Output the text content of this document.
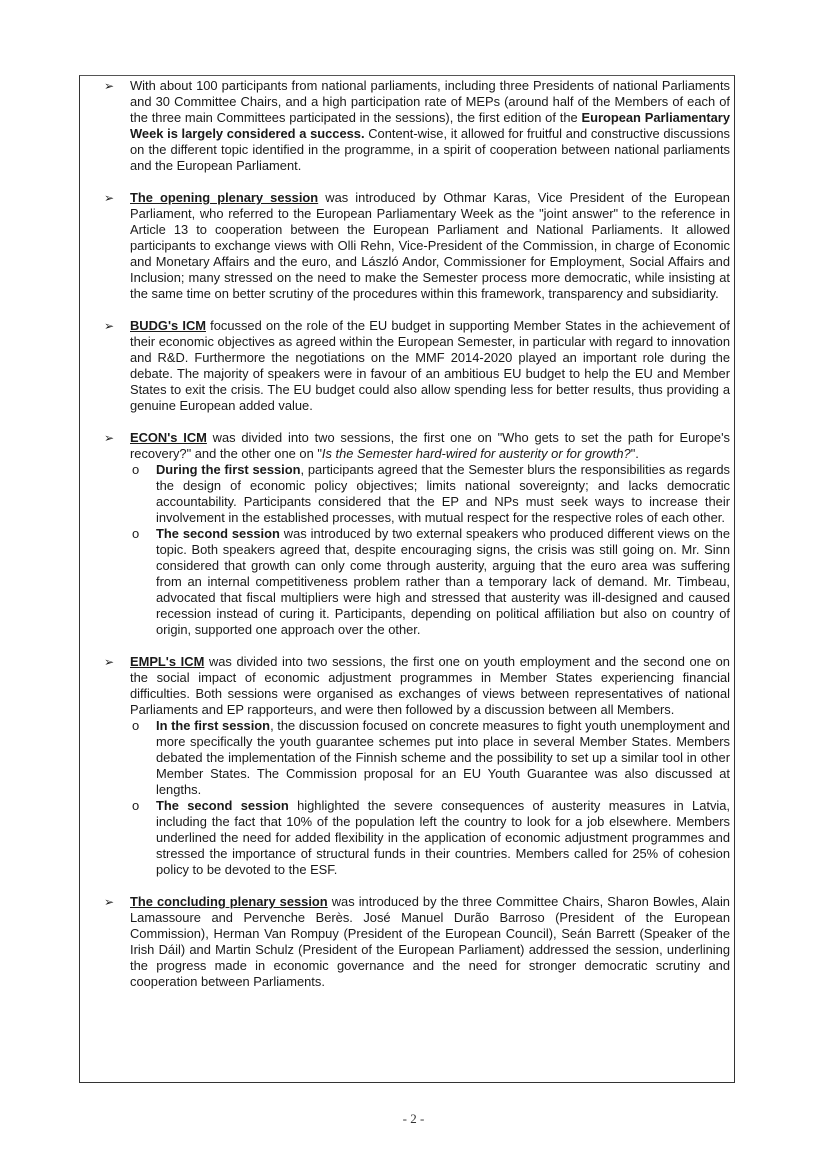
➢ With about 100 participants from national parliaments, including three Presidents of national Parliaments and 30 Committee Chairs, and a high participation rate of MEPs (around half of the Members of each of the three main Committees participated in the sessions), the first edition of the European Parliamentary Week is largely considered a success. Content-wise, it allowed for fruitful and constructive discussions on the different topic identified in the programme, in a spirit of cooperation between national parliaments and the European Parliament.
➢ The opening plenary session was introduced by Othmar Karas, Vice President of the European Parliament, who referred to the European Parliamentary Week as the "joint answer" to the reference in Article 13 to cooperation between the European Parliament and National Parliaments. It allowed participants to exchange views with Olli Rehn, Vice-President of the Commission, in charge of Economic and Monetary Affairs and the euro, and László Andor, Commissioner for Employment, Social Affairs and Inclusion; many stressed on the need to make the Semester process more democratic, while insisting at the same time on better scrutiny of the procedures within this framework, transparency and subsidiarity.
➢ BUDG's ICM focussed on the role of the EU budget in supporting Member States in the achievement of their economic objectives as agreed within the European Semester, in particular with regard to innovation and R&D. Furthermore the negotiations on the MMF 2014-2020 played an important role during the debate. The majority of speakers were in favour of an ambitious EU budget to help the EU and Member States to exit the crisis. The EU budget could also allow spending less for better results, thus providing a genuine European added value.
➢ ECON's ICM was divided into two sessions, the first one on "Who gets to set the path for Europe's recovery?" and the other one on "Is the Semester hard-wired for austerity or for growth?".
o During the first session, participants agreed that the Semester blurs the responsibilities as regards the design of economic policy objectives; limits national sovereignty; and lacks democratic accountability. Participants considered that the EP and NPs must seek ways to increase their involvement in the established processes, with mutual respect for the respective roles of each other.
o The second session was introduced by two external speakers who produced different views on the topic. Both speakers agreed that, despite encouraging signs, the crisis was still going on. Mr. Sinn considered that growth can only come through austerity, arguing that the euro area was suffering from an internal competitiveness problem rather than a temporary lack of demand. Mr. Timbeau, advocated that fiscal multipliers were high and stressed that austerity was ill-designed and caused recession instead of curing it. Participants, depending on political affiliation but also on country of origin, supported one approach over the other.
➢ EMPL's ICM was divided into two sessions, the first one on youth employment and the second one on the social impact of economic adjustment programmes in Member States experiencing financial difficulties. Both sessions were organised as exchanges of views between representatives of national Parliaments and EP rapporteurs, and were then followed by a discussion between all Members.
o In the first session, the discussion focused on concrete measures to fight youth unemployment and more specifically the youth guarantee schemes put into place in several Member States. Members debated the implementation of the Finnish scheme and the possibility to set up a similar tool in other Member States. The Commission proposal for an EU Youth Guarantee was also discussed at lengths.
o The second session highlighted the severe consequences of austerity measures in Latvia, including the fact that 10% of the population left the country to look for a job elsewhere. Members underlined the need for added flexibility in the application of economic adjustment programmes and stressed the importance of structural funds in their countries. Members called for 25% of cohesion policy to be devoted to the ESF.
➢ The concluding plenary session was introduced by the three Committee Chairs, Sharon Bowles, Alain Lamassoure and Pervenche Berès. José Manuel Durão Barroso (President of the European Commission), Herman Van Rompuy (President of the European Council), Seán Barrett (Speaker of the Irish Dáil) and Martin Schulz (President of the European Parliament) addressed the session, underlining the progress made in economic governance and the need for stronger democratic scrutiny and cooperation between Parliaments.
- 2 -
